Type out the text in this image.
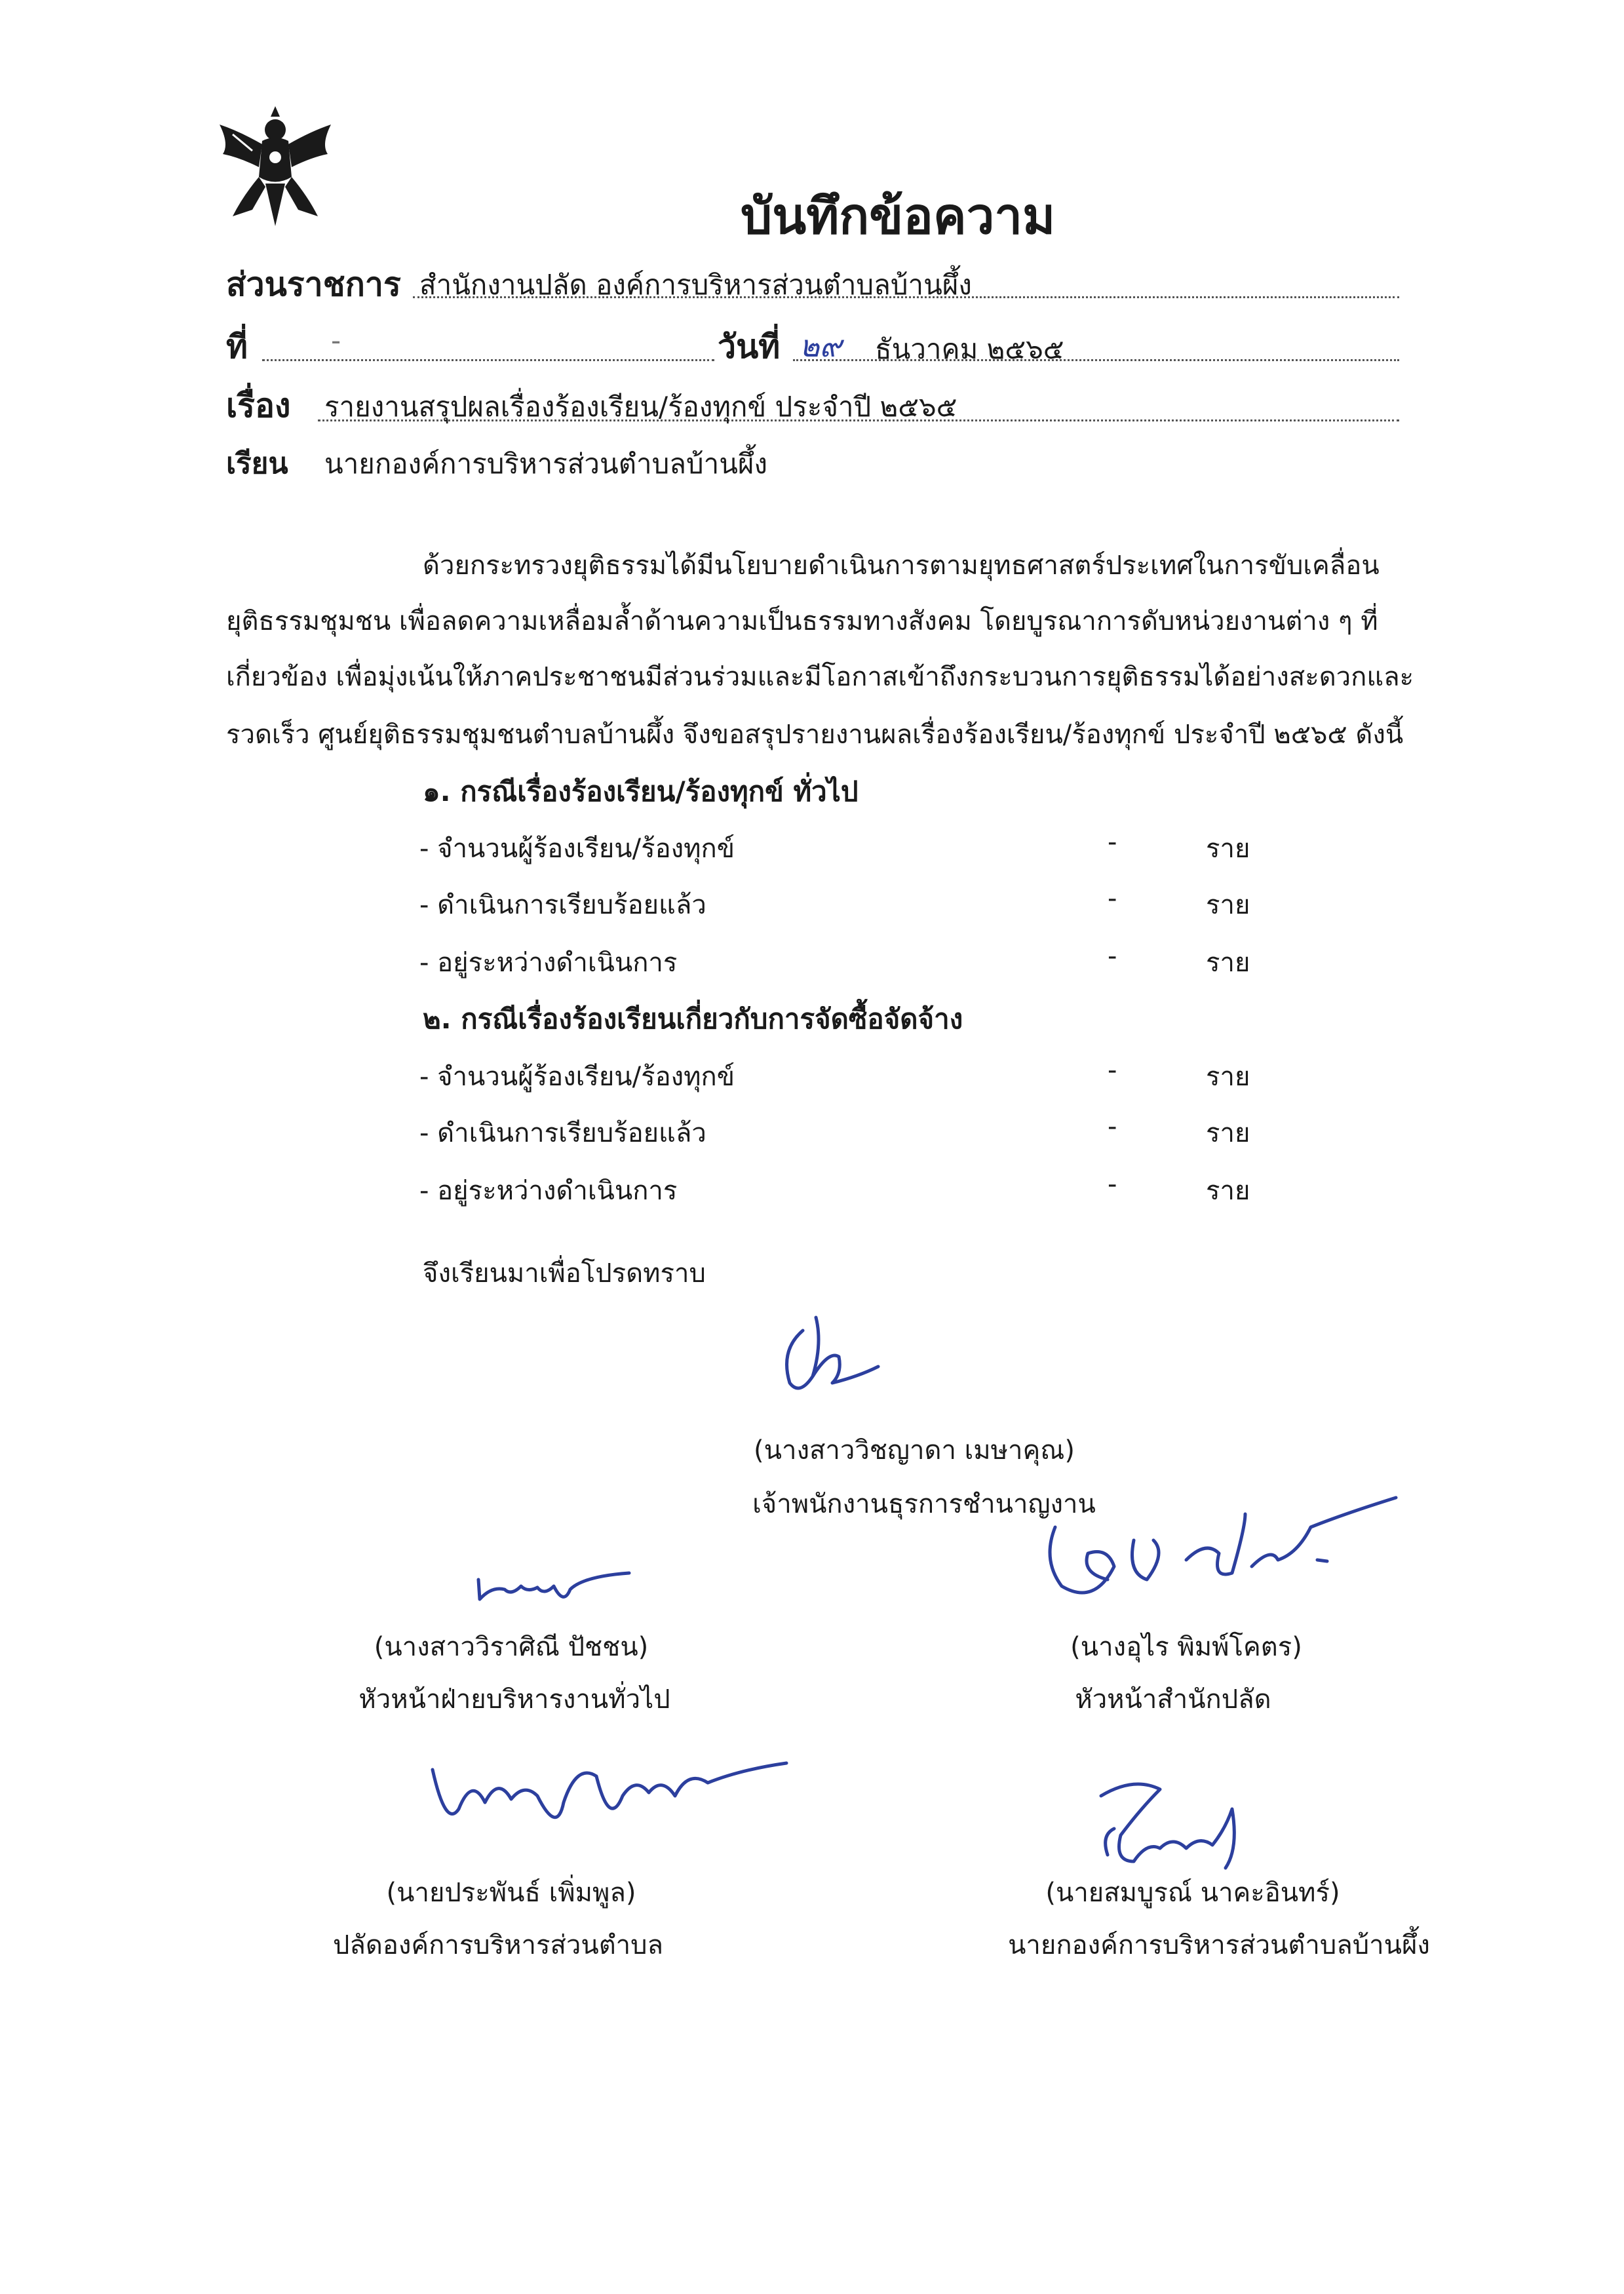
บันทึกข้อความ
ส่วนราชการ สำนักงานปลัด องค์การบริหารส่วนตำบลบ้านผึ้ง
ที่	-	วันที่ ๒๙ ธันวาคม ๒๕๖๕
เรื่อง รายงานสรุปผลเรื่องร้องเรียน/ร้องทุกข์ ประจำปี ๒๕๖๕
เรียน นายกองค์การบริหารส่วนตำบลบ้านผึ้ง
ด้วยกระทรวงยุติธรรมได้มีนโยบายดำเนินการตามยุทธศาสตร์ประเทศในการขับเคลื่อน
ยุติธรรมชุมชน เพื่อลดความเหลื่อมล้ำด้านความเป็นธรรมทางสังคม โดยบูรณาการดับหน่วยงานต่าง ๆ ที่
เกี่ยวข้อง เพื่อมุ่งเน้นให้ภาคประชาชนมีส่วนร่วมและมีโอกาสเข้าถึงกระบวนการยุติธรรมได้อย่างสะดวกและ
รวดเร็ว ศูนย์ยุติธรรมชุมชนตำบลบ้านผึ้ง จึงขอสรุปรายงานผลเรื่องร้องเรียน/ร้องทุกข์ ประจำปี ๒๕๖๕ ดังนี้
๑. กรณีเรื่องร้องเรียน/ร้องทุกข์ ทั่วไป
- จำนวนผู้ร้องเรียน/ร้องทุกข์	-	ราย
- ดำเนินการเรียบร้อยแล้ว	-	ราย
- อยู่ระหว่างดำเนินการ	-	ราย
๒. กรณีเรื่องร้องเรียนเกี่ยวกับการจัดซื้อจัดจ้าง
- จำนวนผู้ร้องเรียน/ร้องทุกข์	-	ราย
- ดำเนินการเรียบร้อยแล้ว	-	ราย
- อยู่ระหว่างดำเนินการ	-	ราย
จึงเรียนมาเพื่อโปรดทราบ
(นางสาววิชญาดา เมษาคุณ)
เจ้าพนักงานธุรการชำนาญงาน
(นางสาววิราศิณี ปัชชน)
หัวหน้าฝ่ายบริหารงานทั่วไป
(นางอุไร พิมพ์โคตร)
หัวหน้าสำนักปลัด
(นายประพันธ์ เพิ่มพูล)
ปลัดองค์การบริหารส่วนตำบล
(นายสมบูรณ์ นาคะอินทร์)
นายกองค์การบริหารส่วนตำบลบ้านผึ้ง
